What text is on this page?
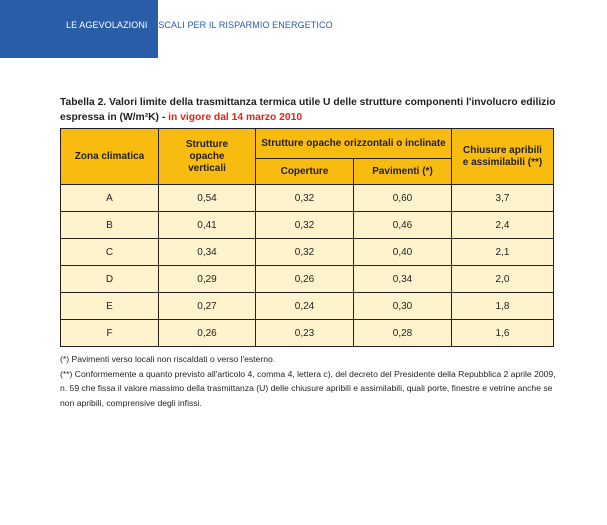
LE AGEVOLAZIONI FISCALI PER IL RISPARMIO ENERGETICO
Tabella 2. Valori limite della trasmittanza termica utile U delle strutture componenti l'involucro edilizio espressa in (W/m²K) - in vigore dal 14 marzo 2010
Zona climatica	Strutture opache verticali	Strutture opache orizzontali o inclinate		Chiusure apribili e assimilabili (**)
		Coperture	Pavimenti (*)	
A	0,54	0,32	0,60	3,7
B	0,41	0,32	0,46	2,4
C	0,34	0,32	0,40	2,1
D	0,29	0,26	0,34	2,0
E	0,27	0,24	0,30	1,8
F	0,26	0,23	0,28	1,6

(*) Pavimenti verso locali non riscaldati o verso l'esterno.

(**) Conformemente a quanto previsto all'articolo 4, comma 4, lettera c), del decreto del Presidente della Repubblica 2 aprile 2009, n. 59 che fissa il valore massimo della trasmittanza (U) delle chiusure apribili e assimilabili, quali porte, finestre e vetrine anche se non apribili, comprensive degli infissi.
